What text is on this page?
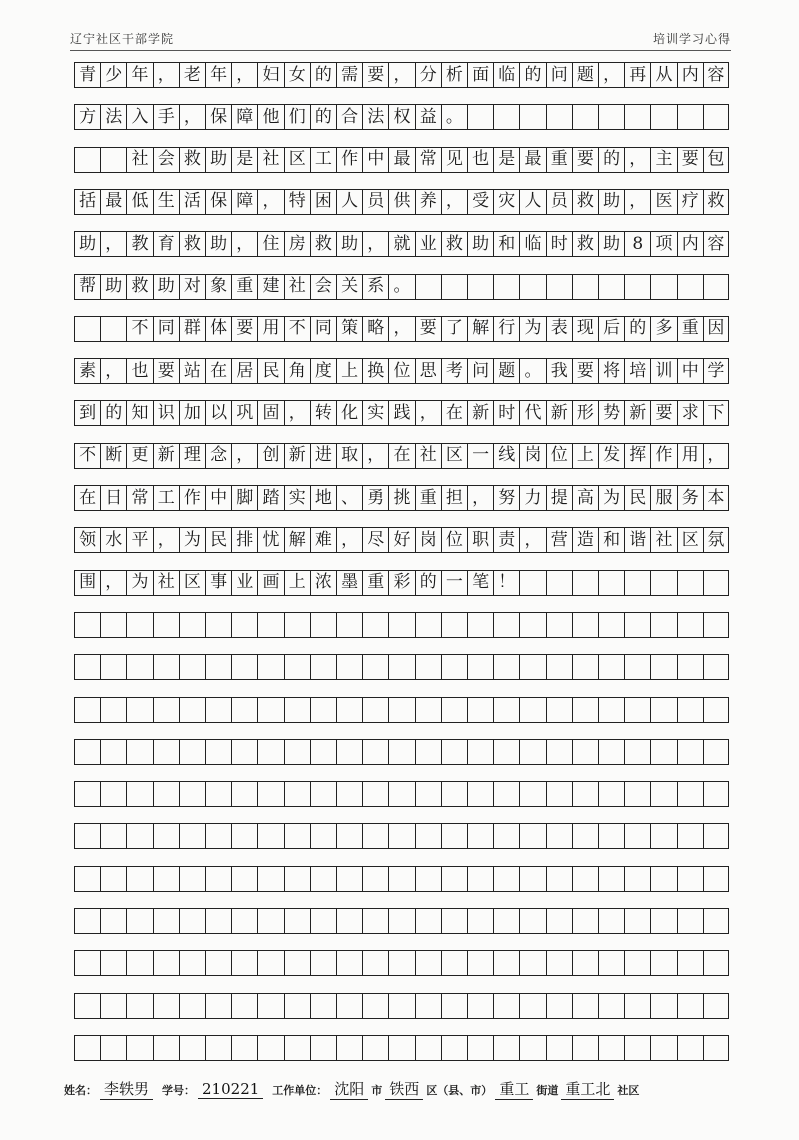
辽宁社区干部学院	培训学习心得
青 少 年 ， 老 年 ， 妇 女 的 需 要 ， 分 析 面 临 的 问 题 ， 再 从 内 容
方 法 入 手 ， 保 障 他 们 的 合 法 权 益 。
社 会 救 助 是 社 区 工 作 中 最 常 见 也 是 最 重 要 的 ， 主 要 包
括 最 低 生 活 保 障 ， 特 困 人 员 供 养 ， 受 灾 人 员 救 助 ， 医 疗 救
助 ， 教 育 救 助 ， 住 房 救 助 ， 就 业 救 助 和 临 时 救 助 8 项 内 容
帮 助 救 助 对 象 重 建 社 会 关 系 。
不 同 群 体 要 用 不 同 策 略 ， 要 了 解 行 为 表 现 后 的 多 重 因
素 ， 也 要 站 在 居 民 角 度 上 换 位 思 考 问 题 。 我 要 将 培 训 中 学
到 的 知 识 加 以 巩 固 ， 转 化 实 践 ， 在 新 时 代 新 形 势 新 要 求 下
不 断 更 新 理 念 ， 创 新 进 取 ， 在 社 区 一 线 岗 位 上 发 挥 作 用 ，
在 日 常 工 作 中 脚 踏 实 地 、 勇 挑 重 担 ， 努 力 提 高 为 民 服 务 本
领 水 平 ， 为 民 排 忧 解 难 ， 尽 好 岗 位 职 责 ， 营 造 和 谐 社 区 氛
围 ， 为 社 区 事 业 画 上 浓 墨 重 彩 的 一 笔 ！
姓名： 李轶男	学号： 210221	工作单位： 沈阳 市 铁西 区（县、市） 重工 街道 重工北 社区
